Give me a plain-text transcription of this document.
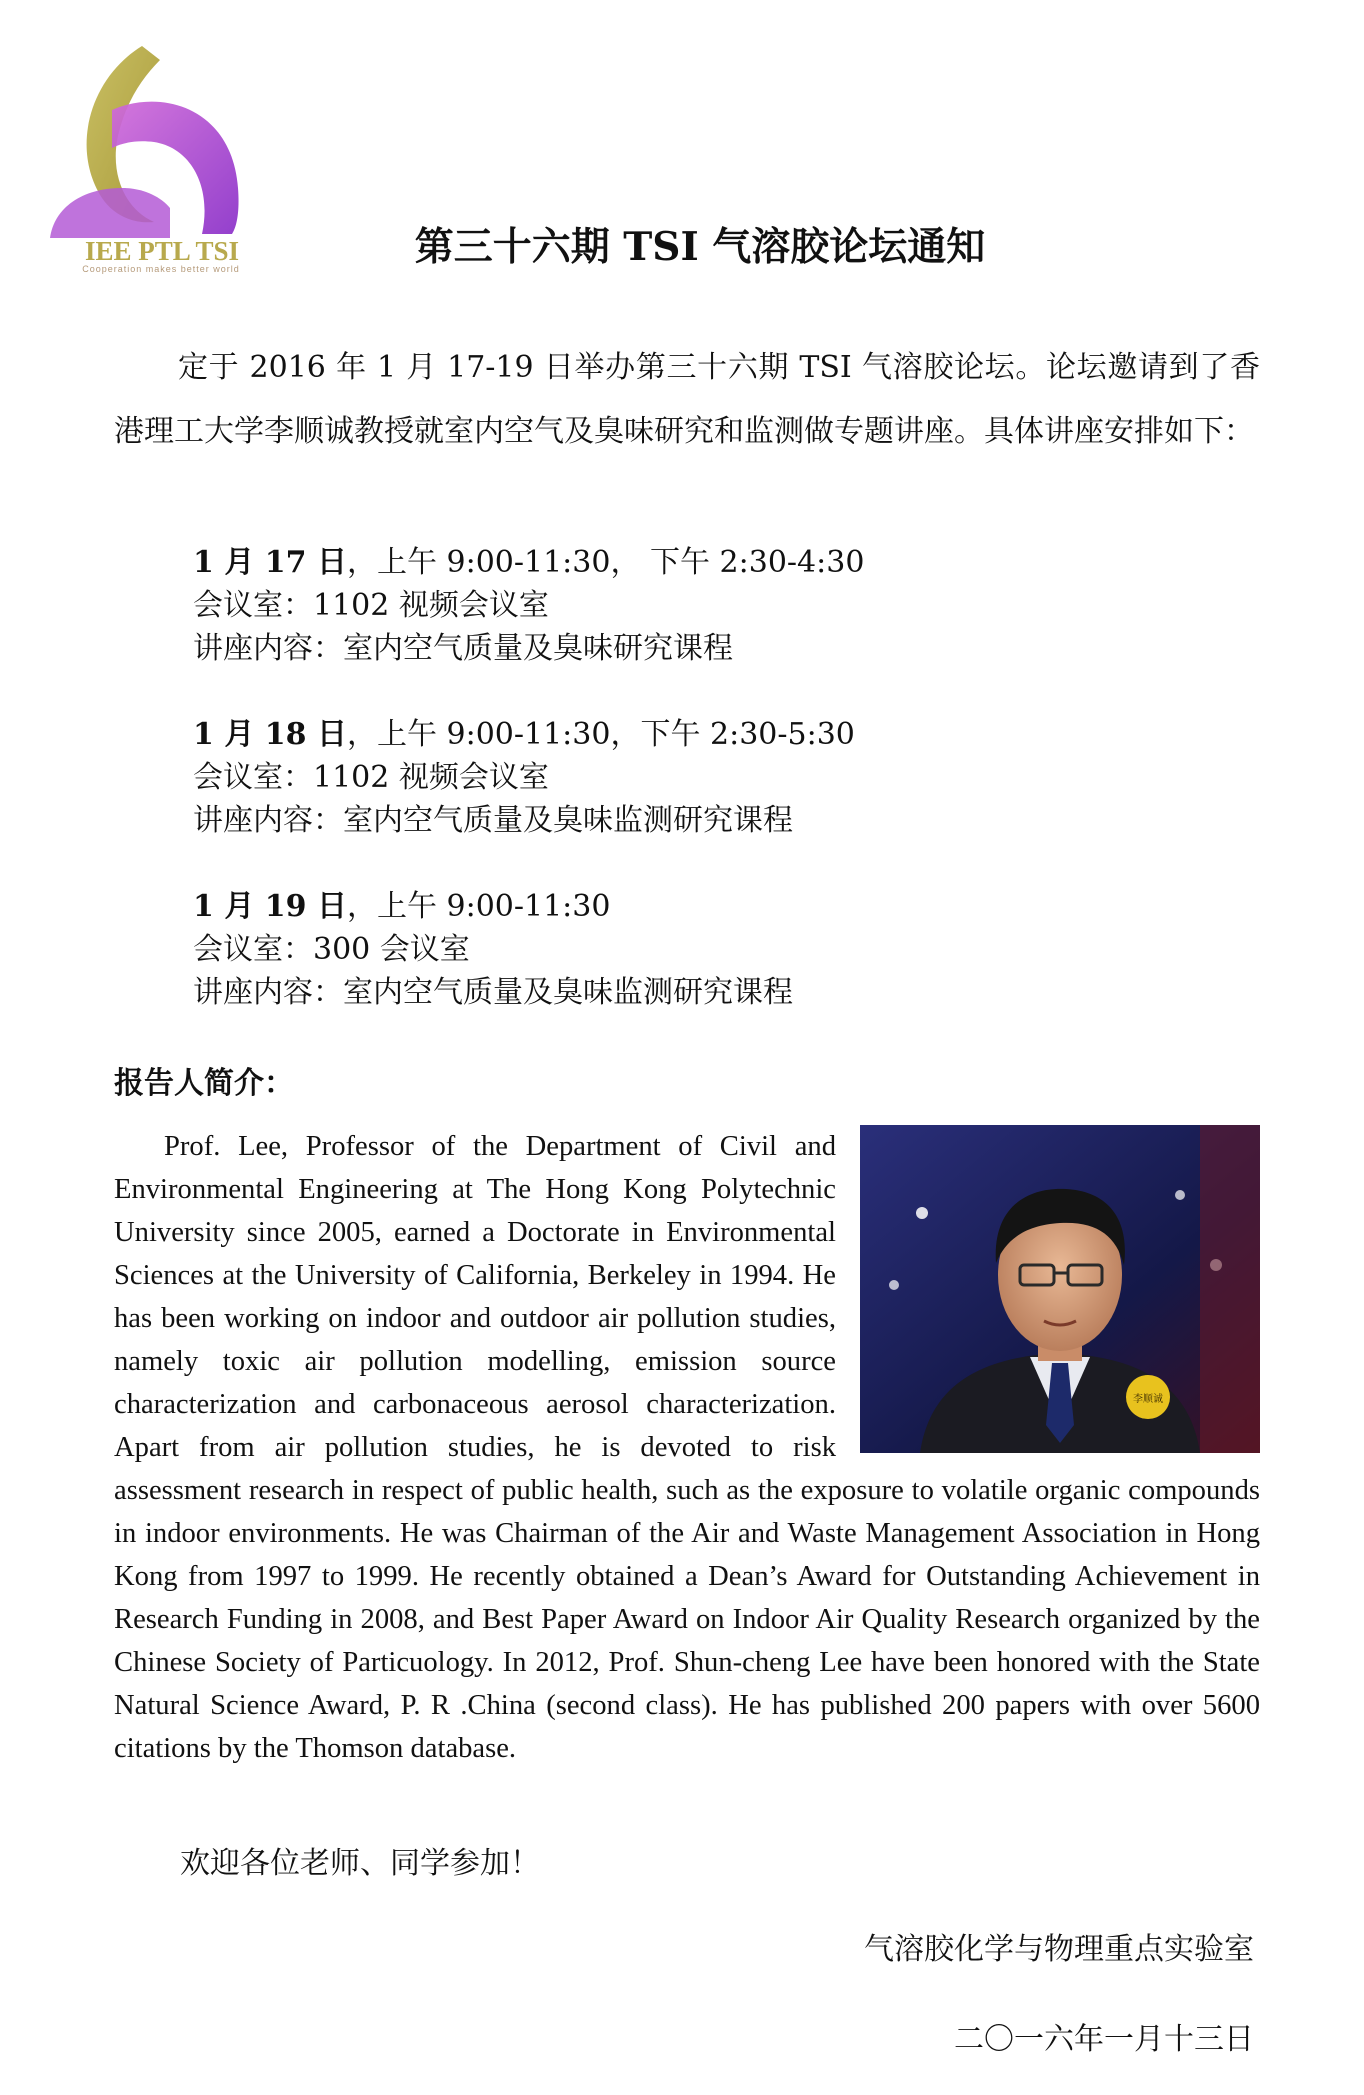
IEE PTL TSI
Cooperation makes better world	第三十六期 TSI 气溶胶论坛通知
定于 2016 年 1 月 17-19 日举办第三十六期 TSI 气溶胶论坛。论坛邀请到了香港理工大学李顺诚教授就室内空气及臭味研究和监测做专题讲座。具体讲座安排如下：
1 月 17 日，上午 9:00-11:30， 下午 2:30-4:30
会议室：1102 视频会议室
讲座内容：室内空气质量及臭味研究课程
1 月 18 日，上午 9:00-11:30，下午 2:30-5:30
会议室：1102 视频会议室
讲座内容：室内空气质量及臭味监测研究课程
1 月 19 日，上午 9:00-11:30
会议室：300 会议室
讲座内容：室内空气质量及臭味监测研究课程
报告人简介：
李顺诚

Prof. Lee, Professor of the Department of Civil and Environmental Engineering at The Hong Kong Polytechnic University since 2005, earned a Doctorate in Environmental Sciences at the University of California, Berkeley in 1994. He has been working on indoor and outdoor air pollution studies, namely toxic air pollution modelling, emission source characterization and carbonaceous aerosol characterization. Apart from air pollution studies, he is devoted to risk assessment research in respect of public health, such as the exposure to volatile organic compounds in indoor environments. He was Chairman of the Air and Waste Management Association in Hong Kong from 1997 to 1999. He recently obtained a Dean’s Award for Outstanding Achievement in Research Funding in 2008, and Best Paper Award on Indoor Air Quality Research organized by the Chinese Society of Particuology. In 2012, Prof. Shun-cheng Lee have been honored with the State Natural Science Award, P. R .China (second class). He has published 200 papers with over 5600 citations by the Thomson database.

欢迎各位老师、同学参加！
气溶胶化学与物理重点实验室
二〇一六年一月十三日
